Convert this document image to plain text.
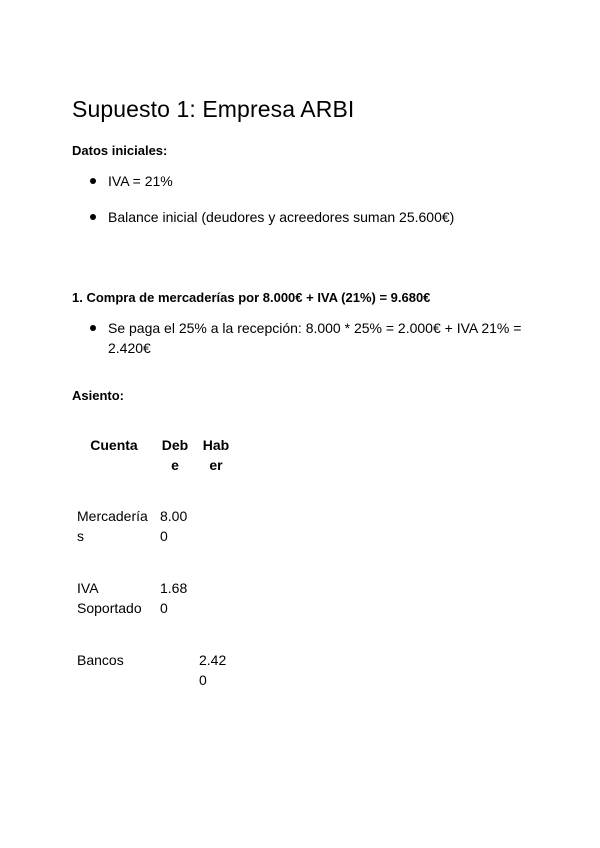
Supuesto 1: Empresa ARBI

Datos iniciales:

IVA = 21%
Balance inicial (deudores y acreedores suman 25.600€)

1. Compra de mercaderías por 8.000€ + IVA (21%) = 9.680€

Se paga el 25% a la recepción: 8.000 * 25% = 2.000€ + IVA 21% = 2.420€

Asiento:

Cuenta	Debe
Haber
Mercaderías
8.000
IVA Soportado
1.680
Bancos	2.420
